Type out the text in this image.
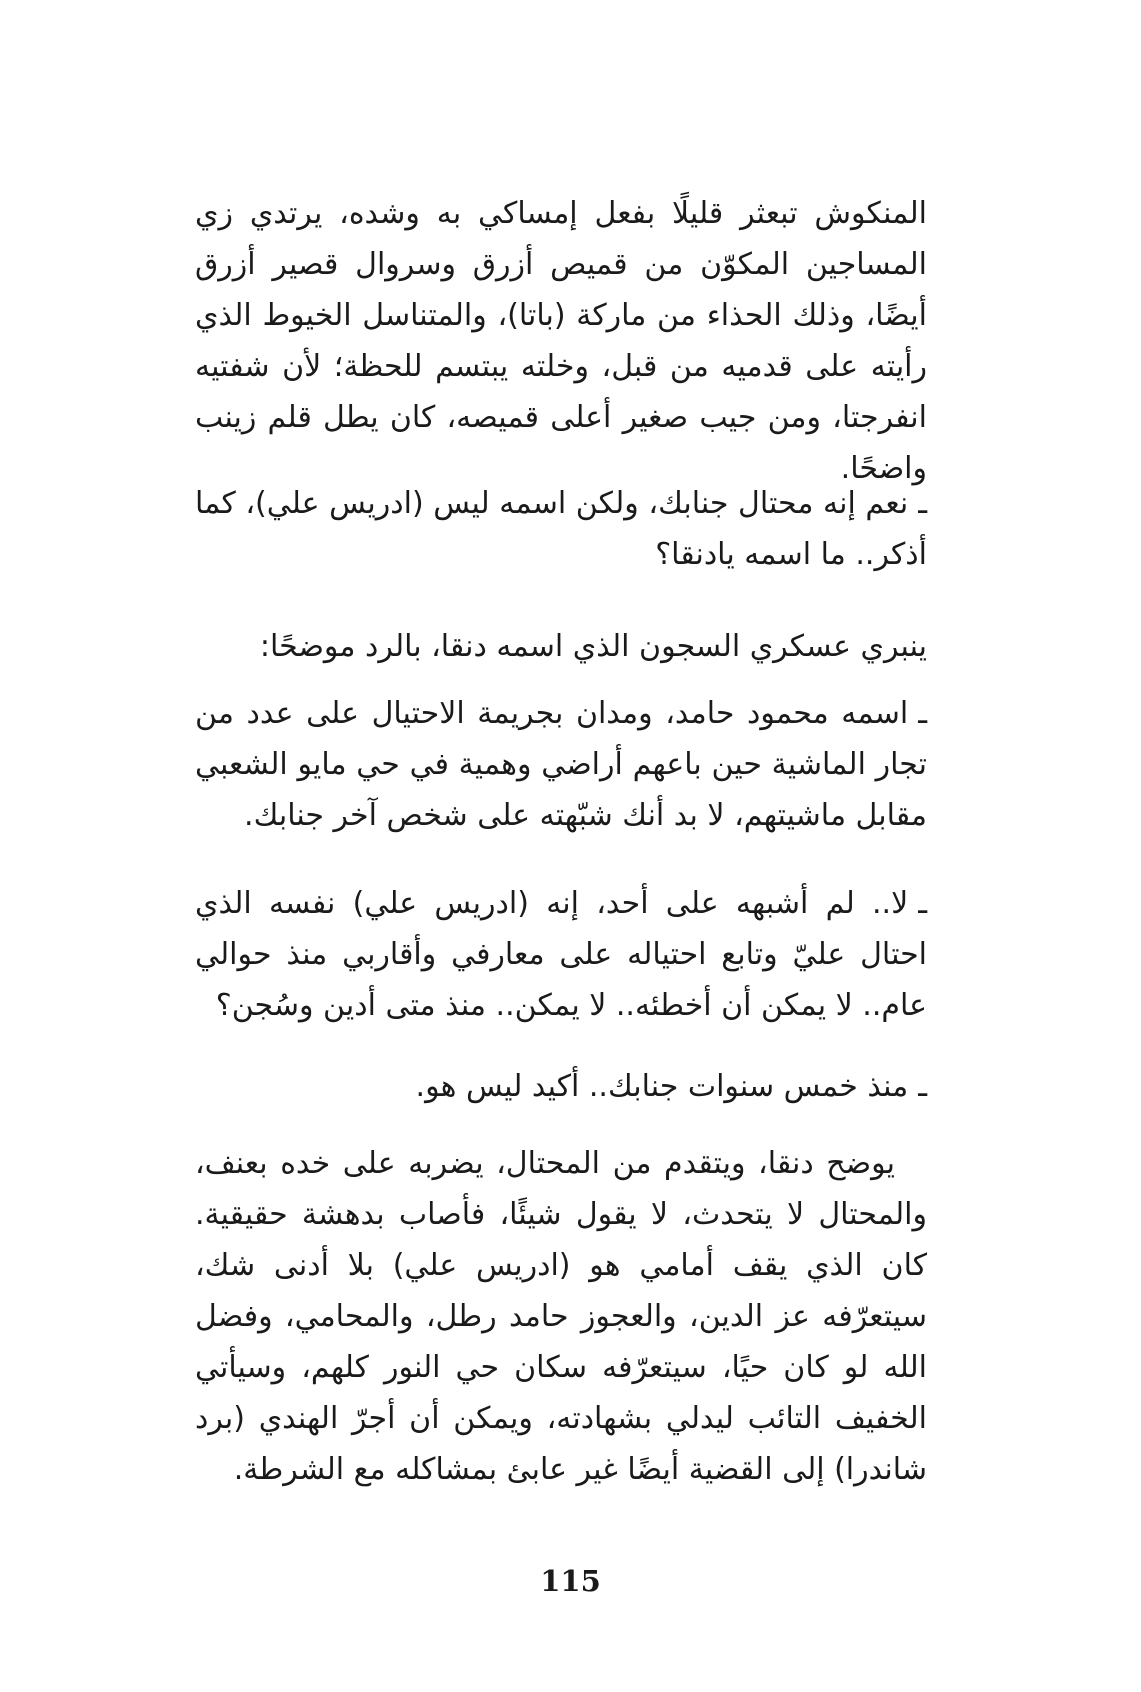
المنكوش تبعثر قليلًا بفعل إمساكي به وشده، يرتدي زي المساجين المكوّن من قميص أزرق وسروال قصير أزرق أيضًا، وذلك الحذاء من ماركة (باتا)، والمتناسل الخيوط الذي رأيته على قدميه من قبل، وخلته يبتسم للحظة؛ لأن شفتيه انفرجتا، ومن جيب صغير أعلى قميصه، كان يطل قلم زينب واضحًا.

ـنعم إنه محتال جنابك، ولكن اسمه ليس (ادريس علي)، كما أذكر.. ما اسمه يادنقا؟

ينبري عسكري السجون الذي اسمه دنقا، بالرد موضحًا:

ـاسمه محمود حامد، ومدان بجريمة الاحتيال على عدد من تجار الماشية حين باعهم أراضي وهمية في حي مايو الشعبي مقابل ماشيتهم، لا بد أنك شبّهته على شخص آخر جنابك.

ـلا.. لم أشبهه على أحد، إنه (ادريس علي) نفسه الذي احتال عليّ وتابع احتياله على معارفي وأقاربي منذ حوالي عام.. لا يمكن أن أخطئه.. لا يمكن.. منذ متى أدين وسُجن؟

ـمنذ خمس سنوات جنابك.. أكيد ليس هو.

يوضح دنقا، ويتقدم من المحتال، يضربه على خده بعنف، والمحتال لا يتحدث، لا يقول شيئًا، فأصاب بدهشة حقيقية. كان الذي يقف أمامي هو (ادريس علي) بلا أدنى شك، سيتعرّفه عز الدين، والعجوز حامد رطل، والمحامي، وفضل الله لو كان حيًا، سيتعرّفه سكان حي النور كلهم، وسيأتي الخفيف التائب ليدلي بشهادته، ويمكن أن أجرّ الهندي (برد شاندرا) إلى القضية أيضًا غير عابئ بمشاكله مع الشرطة.

115
